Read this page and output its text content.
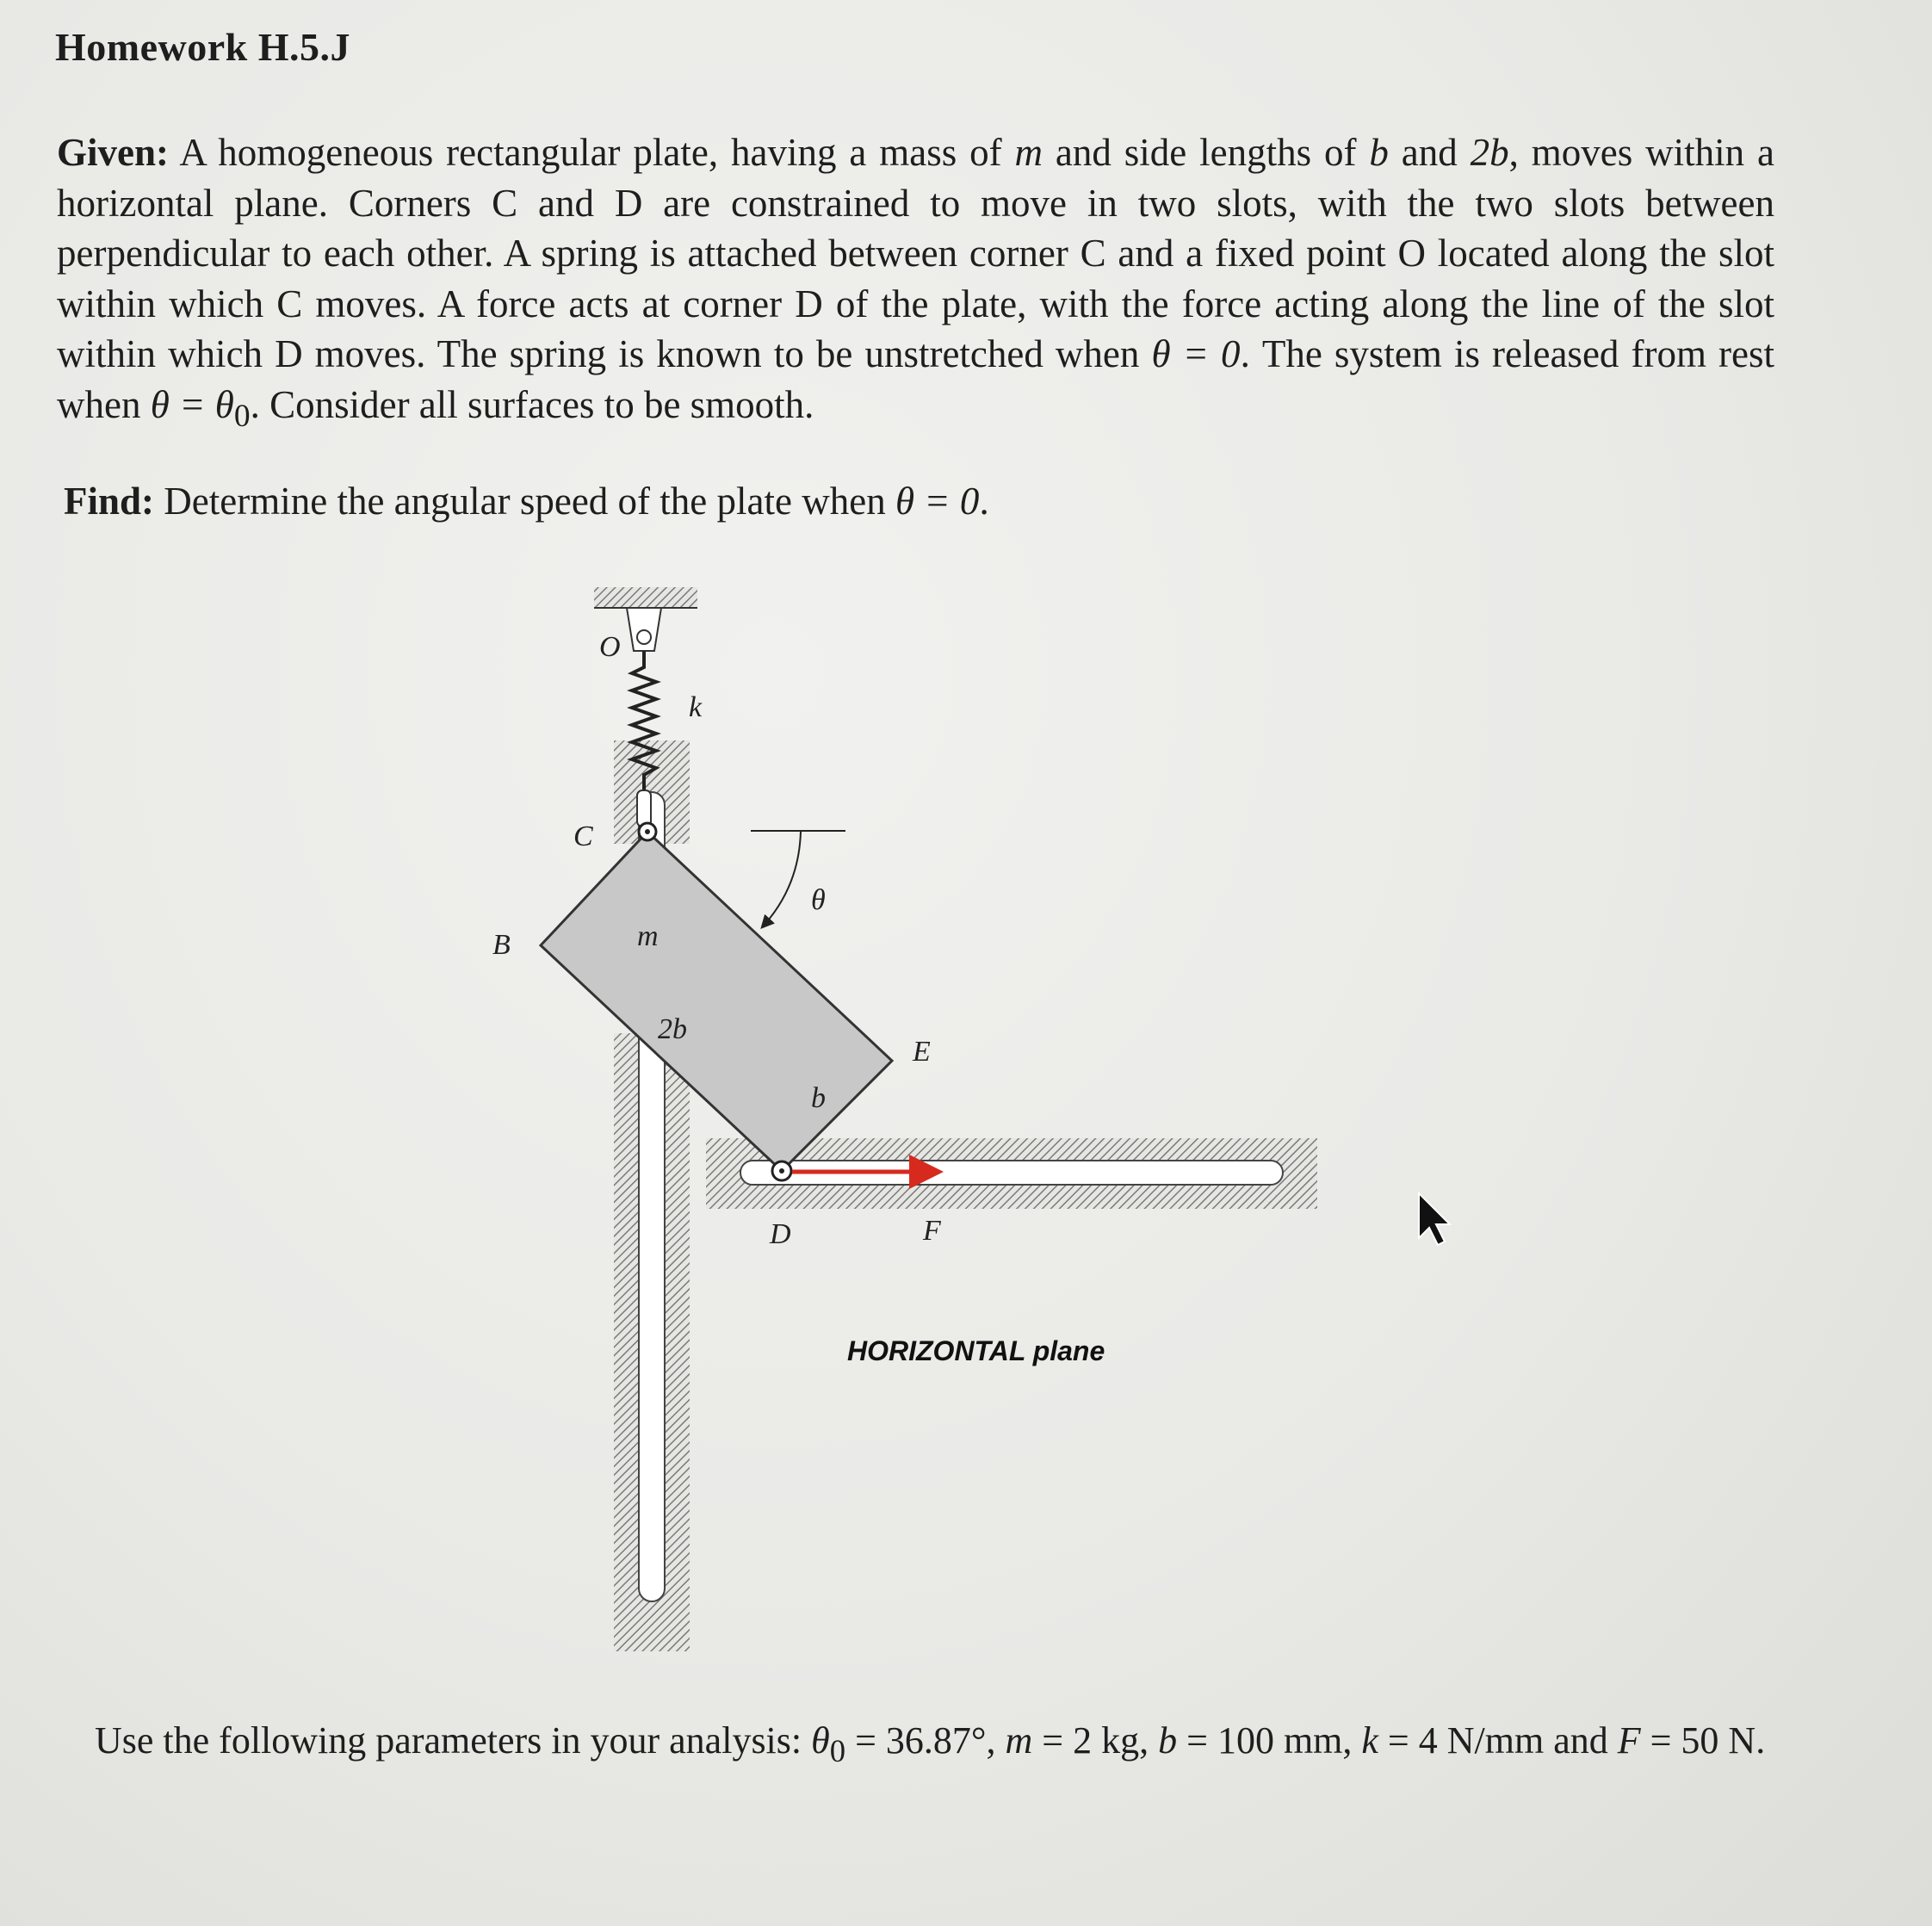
Homework H.5.J
Given: A homogeneous rectangular plate, having a mass of m and side lengths of b and 2b, moves within a horizontal plane. Corners C and D are constrained to move in two slots, with the two slots between perpendicular to each other. A spring is attached between corner C and a fixed point O located along the slot within which C moves. A force acts at corner D of the plate, with the force acting along the line of the slot within which D moves. The spring is known to be unstretched when θ = 0. The system is released from rest when $\theta = \theta_0$. Consider all surfaces to be smooth.
Find: Determine the angular speed of the plate when θ = 0.
O
k
C
θ
B	m
2b
E
b
D	F
HORIZONTAL plane
Use the following parameters in your analysis: $\theta_0 = 36.87^\circ$, m = 2 kg, b = 100 mm, k = 4 N/mm and F = 50 N.
